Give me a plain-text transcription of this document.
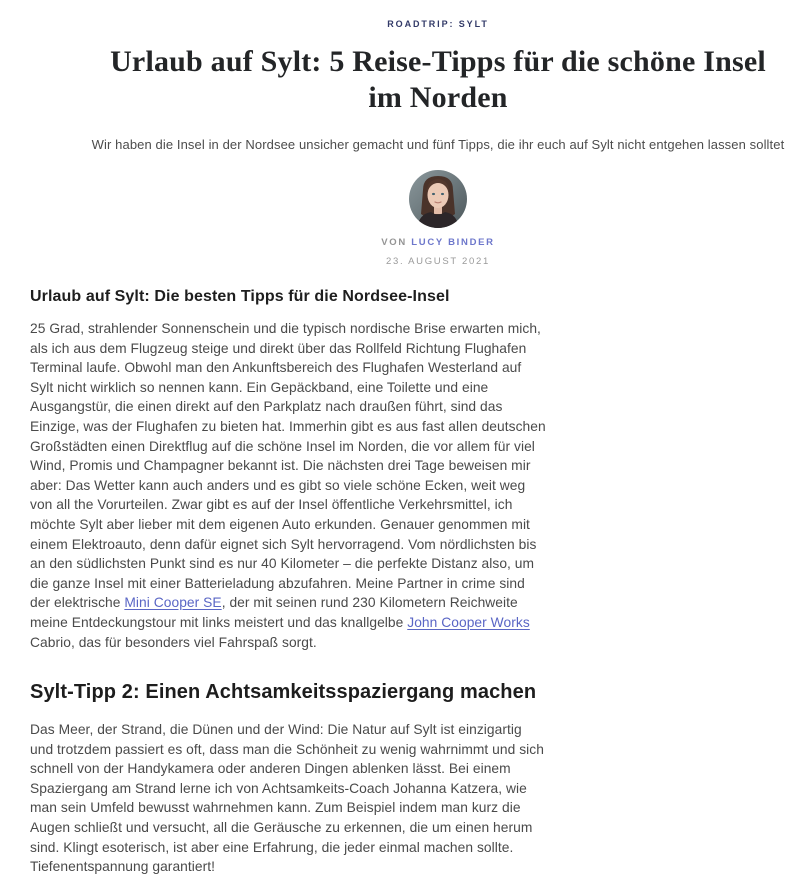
ROADTRIP: SYLT
Urlaub auf Sylt: 5 Reise-Tipps für die schöne Insel im Norden

Wir haben die Insel in der Nordsee unsicher gemacht und fünf Tipps, die ihr euch auf Sylt nicht entgehen lassen solltet

VON LUCY BINDER
23. AUGUST 2021
Urlaub auf Sylt: Die besten Tipps für die Nordsee-Insel

25 Grad, strahlender Sonnenschein und die typisch nordische Brise erwarten mich, als ich aus dem Flugzeug steige und direkt über das Rollfeld Richtung Flughafen Terminal laufe. Obwohl man den Ankunftsbereich des Flughafen Westerland auf Sylt nicht wirklich so nennen kann. Ein Gepäckband, eine Toilette und eine Ausgangstür, die einen direkt auf den Parkplatz nach draußen führt, sind das Einzige, was der Flughafen zu bieten hat. Immerhin gibt es aus fast allen deutschen Großstädten einen Direktflug auf die schöne Insel im Norden, die vor allem für viel Wind, Promis und Champagner bekannt ist. Die nächsten drei Tage beweisen mir aber: Das Wetter kann auch anders und es gibt so viele schöne Ecken, weit weg von all the Vorurteilen. Zwar gibt es auf der Insel öffentliche Verkehrsmittel, ich möchte Sylt aber lieber mit dem eigenen Auto erkunden. Genauer genommen mit einem Elektroauto, denn dafür eignet sich Sylt hervorragend. Vom nördlichsten bis an den südlichsten Punkt sind es nur 40 Kilometer – die perfekte Distanz also, um die ganze Insel mit einer Batterieladung abzufahren. Meine Partner in crime sind der elektrische Mini Cooper SE, der mit seinen rund 230 Kilometern Reichweite meine Entdeckungstour mit links meistert und das knallgelbe John Cooper Works Cabrio, das für besonders viel Fahrspaß sorgt.

Sylt-Tipp 2: Einen Achtsamkeitsspaziergang machen

Das Meer, der Strand, die Dünen und der Wind: Die Natur auf Sylt ist einzigartig und trotzdem passiert es oft, dass man die Schönheit zu wenig wahrnimmt und sich schnell von der Handykamera oder anderen Dingen ablenken lässt. Bei einem Spaziergang am Strand lerne ich von Achtsamkeits-Coach Johanna Katzera, wie man sein Umfeld bewusst wahrnehmen kann. Zum Beispiel indem man kurz die Augen schließt und versucht, all die Geräusche zu erkennen, die um einen herum sind. Klingt esoterisch, ist aber eine Erfahrung, die jeder einmal machen sollte. Tiefenentspannung garantiert!
